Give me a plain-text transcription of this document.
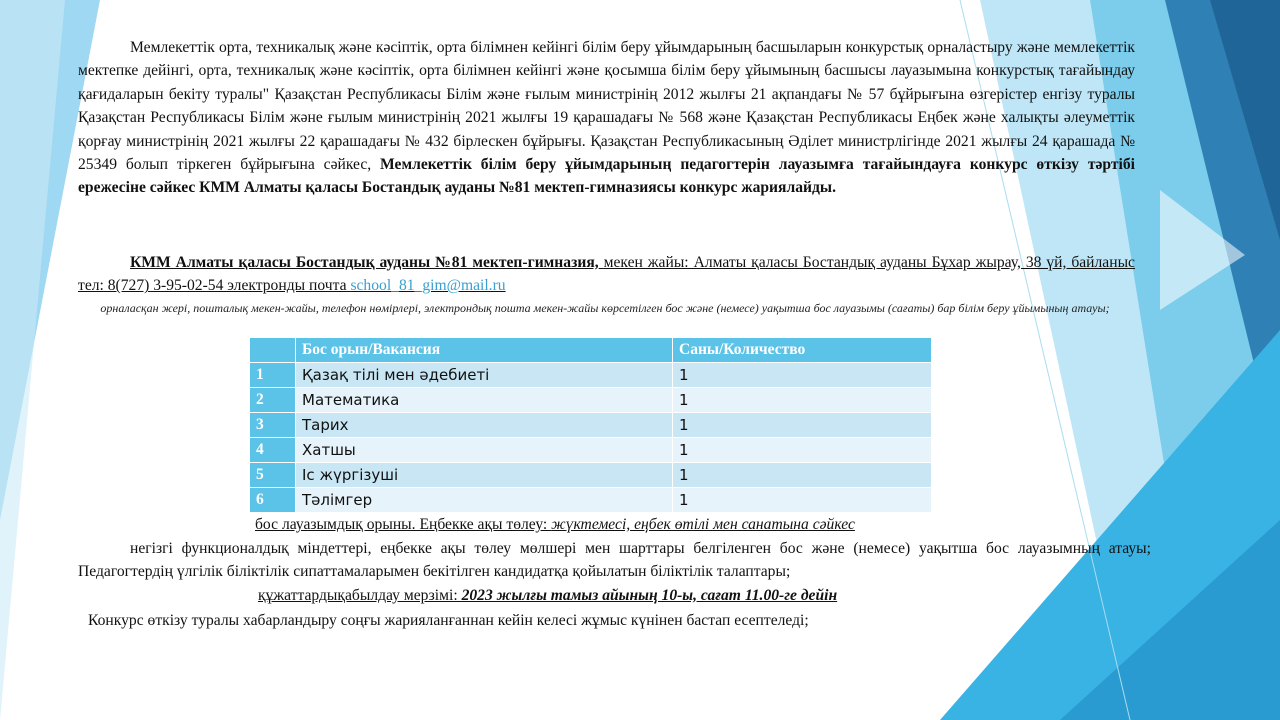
Мемлекеттік орта, техникалық және кәсіптік, орта білімнен кейінгі білім беру ұйымдарының басшыларын конкурстық орналастыру және мемлекеттік мектепке дейінгі, орта, техникалық және кәсіптік, орта білімнен кейінгі және қосымша білім беру ұйымының басшысы лауазымына конкурстық тағайындау қағидаларын бекіту туралы" Қазақстан Республикасы Білім және ғылым министрінің 2012 жылғы 21 ақпандағы № 57 бұйрығына өзгерістер енгізу туралы Қазақстан Республикасы Білім және ғылым министрінің 2021 жылғы 19 қарашадағы № 568 және Қазақстан Республикасы Еңбек және халықты әлеуметтік қорғау министрінің 2021 жылғы 22 қарашадағы № 432 бірлескен бұйрығы. Қазақстан Республикасының Әділет министрлігінде 2021 жылғы 24 қарашада № 25349 болып тіркеген бұйрығына сәйкес, Мемлекеттік білім беру ұйымдарының педагогтерін лауазымға тағайындауға конкурс өткізу тәртібі ережесіне сәйкес КММ Алматы қаласы Бостандық ауданы №81 мектеп-гимназиясы конкурс жариялайды.
КММ Алматы қаласы Бостандық ауданы №81 мектеп-гимназия, мекен жайы: Алматы қаласы Бостандық ауданы Бұхар жырау, 38 үй, байланыс тел: 8(727) 3-95-02-54 электронды почта school_81_gim@mail.ru
орналасқан жері, пошталық мекен-жайы, телефон нөмірлері, электрондық пошта мекен-жайы көрсетілген бос және (немесе) уақытша бос лауазымы (сағаты) бар білім беру ұйымының атауы;
	Бос орын/Вакансия	Саны/Количество
1	Қазақ тілі мен әдебиеті	1
2	Математика	1
3	Тарих	1
4	Хатшы	1
5	Іс жүргізуші	1
6	Тәлімгер	1
бос лауазымдық орыны. Еңбекке ақы төлеу: жүктемесі, еңбек өтілі мен санатына сәйкес
негізгі функционалдық міндеттері, еңбекке ақы төлеу мөлшері мен шарттары белгіленген бос және (немесе) уақытша бос лауазымның атауы; Педагогтердің үлгілік біліктілік сипаттамаларымен бекітілген кандидатқа қойылатын біліктілік талаптары;
құжаттардықабылдау мерзімі: 2023 жылғы тамыз айының 10-ы, сағат 11.00-ге дейін
Конкурс өткізу туралы хабарландыру соңғы жарияланғаннан кейін келесі жұмыс күнінен бастап есептеледі;
